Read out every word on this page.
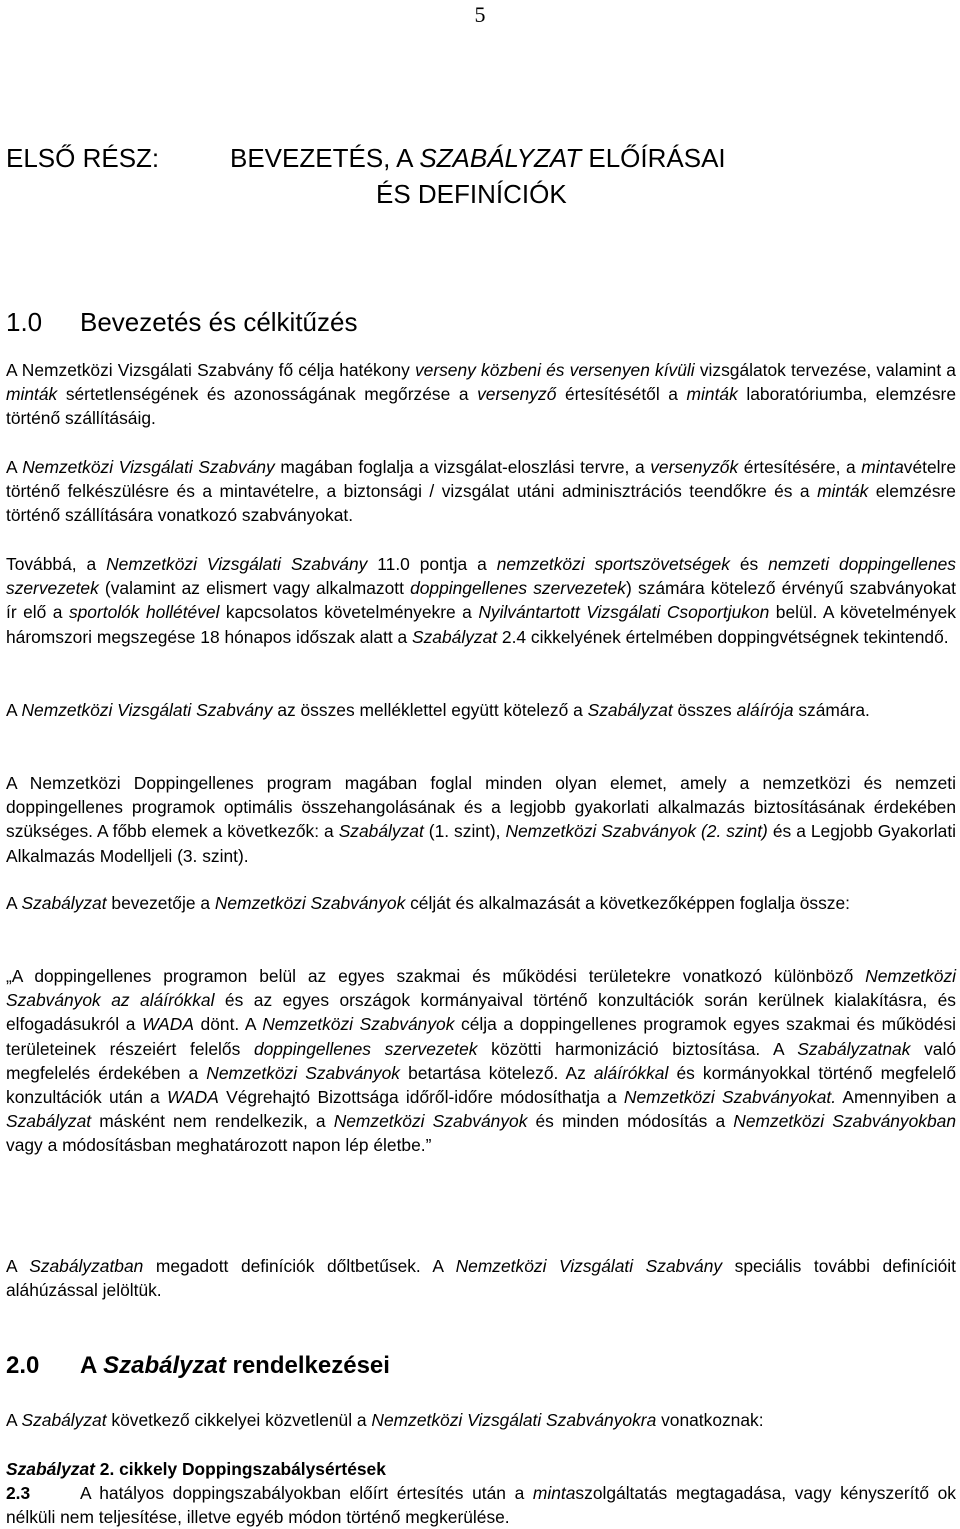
5
ELSŐ RÉSZ:	BEVEZETÉS, A SZABÁLYZAT ELŐÍRÁSAI
ÉS DEFINÍCIÓK
1.0 Bevezetés és célkitűzés
A Nemzetközi Vizsgálati Szabvány fő célja hatékony verseny közbeni és versenyen kívüli vizsgálatok tervezése, valamint a minták sértetlenségének és azonosságának megőrzése a versenyző értesítésétől a minták laboratóriumba, elemzésre történő szállításáig.
A Nemzetközi Vizsgálati Szabvány magában foglalja a vizsgálat-eloszlási tervre, a versenyzők értesítésére, a mintavételre történő felkészülésre és a mintavételre, a biztonsági / vizsgálat utáni adminisztrációs teendőkre és a minták elemzésre történő szállítására vonatkozó szabványokat.
Továbbá, a Nemzetközi Vizsgálati Szabvány 11.0 pontja a nemzetközi sportszövetségek és nemzeti doppingellenes szervezetek (valamint az elismert vagy alkalmazott doppingellenes szervezetek) számára kötelező érvényű szabványokat ír elő a sportolók hollétével kapcsolatos követelményekre a Nyilvántartott Vizsgálati Csoportjukon belül. A követelmények háromszori megszegése 18 hónapos időszak alatt a Szabályzat 2.4 cikkelyének értelmében doppingvétségnek tekintendő.
A Nemzetközi Vizsgálati Szabvány az összes melléklettel együtt kötelező a Szabályzat összes aláírója számára.
A Nemzetközi Doppingellenes program magában foglal minden olyan elemet, amely a nemzetközi és nemzeti doppingellenes programok optimális összehangolásának és a legjobb gyakorlati alkalmazás biztosításának érdekében szükséges. A főbb elemek a következők: a Szabályzat (1. szint), Nemzetközi Szabványok (2. szint) és a Legjobb Gyakorlati Alkalmazás Modelljeli (3. szint).
A Szabályzat bevezetője a Nemzetközi Szabványok célját és alkalmazását a következőképpen foglalja össze:
„A doppingellenes programon belül az egyes szakmai és működési területekre vonatkozó különböző Nemzetközi Szabványok az aláírókkal és az egyes országok kormányaival történő konzultációk során kerülnek kialakításra, és elfogadásukról a WADA dönt. A Nemzetközi Szabványok célja a doppingellenes programok egyes szakmai és működési területeinek részeiért felelős doppingellenes szervezetek közötti harmonizáció biztosítása. A Szabályzatnak való megfelelés érdekében a Nemzetközi Szabványok betartása kötelező. Az aláírókkal és kormányokkal történő megfelelő konzultációk után a WADA Végrehajtó Bizottsága időről-időre módosíthatja a Nemzetközi Szabványokat. Amennyiben a Szabályzat másként nem rendelkezik, a Nemzetközi Szabványok és minden módosítás a Nemzetközi Szabványokban vagy a módosításban meghatározott napon lép életbe.”
A Szabályzatban megadott definíciók dőltbetűsek. A Nemzetközi Vizsgálati Szabvány speciális további definícióit aláhúzással jelöltük.
2.0 A Szabályzat rendelkezései
A Szabályzat következő cikkelyei közvetlenül a Nemzetközi Vizsgálati Szabványokra vonatkoznak:
Szabályzat 2. cikkely Doppingszabálysértések
2.3	A hatályos doppingszabályokban előírt értesítés után a mintaszolgáltatás megtagadása, vagy kényszerítő ok nélküli nem teljesítése, illetve egyéb módon történő megkerülése.
